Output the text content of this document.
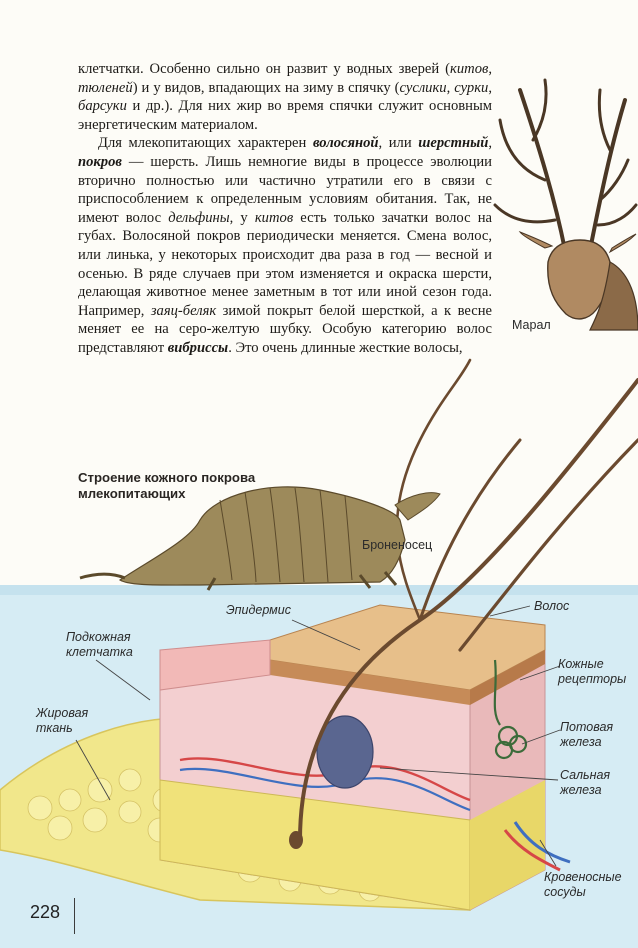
клетчатки. Особенно сильно он развит у водных зверей (китов, тюленей) и у видов, впадающих на зиму в спячку (суслики, сурки, барсуки и др.). Для них жир во время спячки служит основным энергетическим материалом.

Для млекопитающих характерен волосяной, или шерстный, покров — шерсть. Лишь немногие виды в процессе эволюции вторично полностью или частично утратили его в связи с приспособлением к определенным условиям обитания. Так, не имеют волос дельфины, у китов есть только зачатки волос на губах. Волосяной покров периодически меняется. Смена волос, или линька, у некоторых происходит два раза в год — весной и осенью. В ряде случаев при этом изменяется и окраска шерсти, делающая животное менее заметным в тот или иной сезон года. Например, заяц-беляк зимой покрыт белой шерсткой, а к весне меняет ее на серо-желтую шубку. Особую категорию волос представляют вибриссы. Это очень длинные жесткие волосы,

Строение кожного покрова млекопитающих
Марал
Броненосец
Эпидермис	Волос
Подкожная клетчатка
Жировая ткань
Кожные рецепторы
Потовая железа
Сальная железа
Кровеносные сосуды
228
